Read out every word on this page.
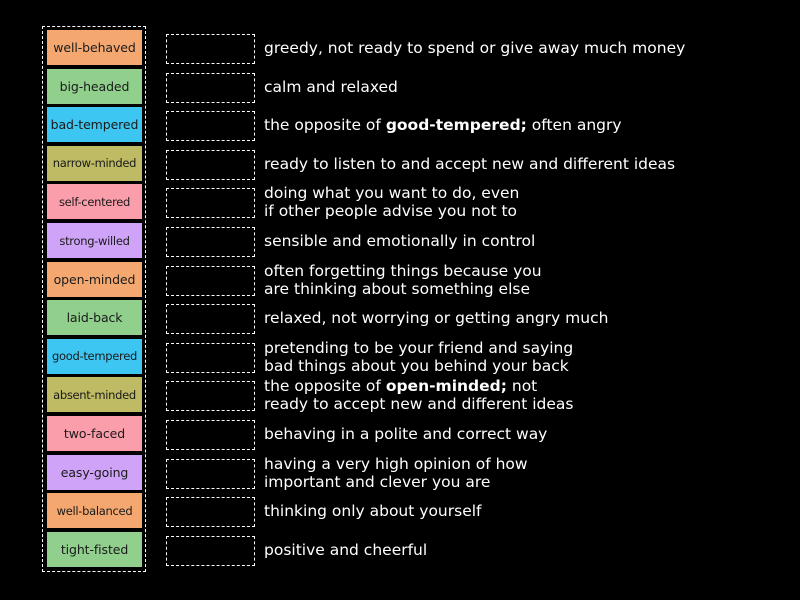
well-behaved
big-headed
bad-tempered
narrow-minded
self-centered
strong-willed
open-minded
laid-back
good-tempered
absent-minded
two-faced
easy-going
well-balanced
tight-fisted
greedy, not ready to spend or give away much money
calm and relaxed
the opposite of good-tempered; often angry
ready to listen to and accept new and different ideas
doing what you want to do, even
if other people advise you not to
sensible and emotionally in control
often forgetting things because you
are thinking about something else
relaxed, not worrying or getting angry much
pretending to be your friend and saying
bad things about you behind your back
the opposite of open-minded; not
ready to accept new and different ideas
behaving in a polite and correct way
having a very high opinion of how
important and clever you are
thinking only about yourself
positive and cheerful
